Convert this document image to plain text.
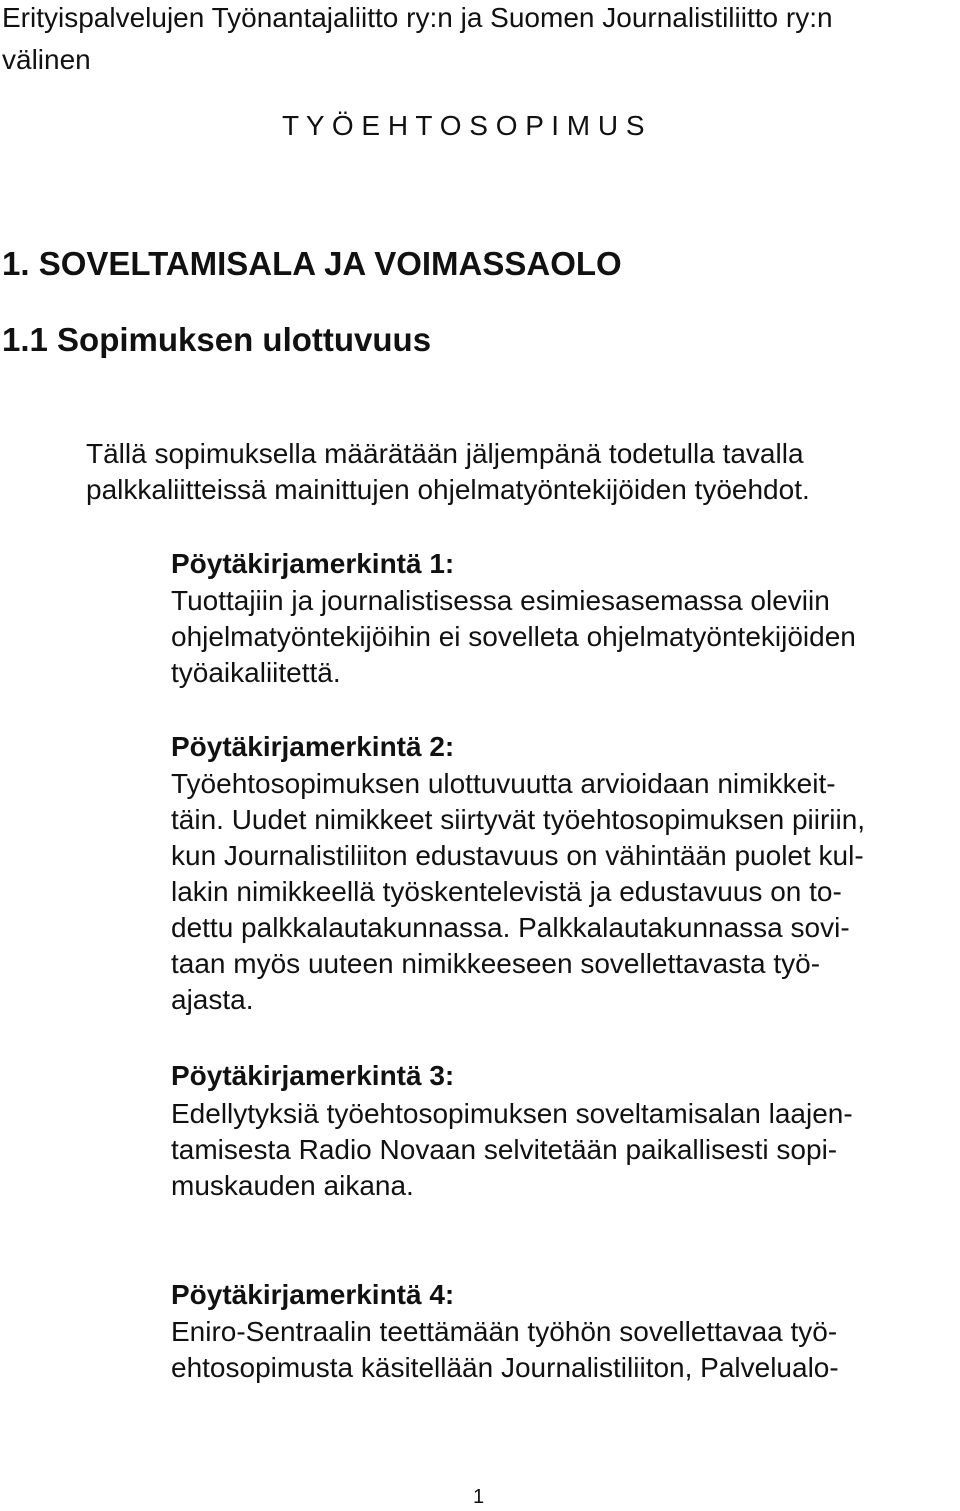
Erityispalvelujen Työnantajaliitto ry:n ja Suomen Journalistiliitto ry:n

välinen

T Y Ö E H T O S O P I M U S

1. SOVELTAMISALA JA VOIMASSAOLO

1.1 Sopimuksen ulottuvuus

Tällä sopimuksella määrätään jäljempänä todetulla tavalla
palkkaliitteissä mainittujen ohjelmatyöntekijöiden työehdot.

Pöytäkirjamerkintä 1:

Tuottajiin ja journalistisessa esimiesasemassa oleviin
ohjelmatyöntekijöihin ei sovelleta ohjelmatyöntekijöiden
työaikaliitettä.

Pöytäkirjamerkintä 2:

Työehtosopimuksen ulottuvuutta arvioidaan nimikkeit-
täin. Uudet nimikkeet siirtyvät työehtosopimuksen piiriin,
kun Journalistiliiton edustavuus on vähintään puolet kul-
lakin nimikkeellä työskentelevistä ja edustavuus on to-
dettu palkkalautakunnassa. Palkkalautakunnassa sovi-
taan myös uuteen nimikkeeseen sovellettavasta työ-
ajasta.

Pöytäkirjamerkintä 3:

Edellytyksiä työehtosopimuksen soveltamisalan laajen-
tamisesta Radio Novaan selvitetään paikallisesti sopi-
muskauden aikana.

Pöytäkirjamerkintä 4:

Eniro-Sentraalin teettämään työhön sovellettavaa työ-
ehtosopimusta käsitellään Journalistiliiton, Palvelualo-
1
